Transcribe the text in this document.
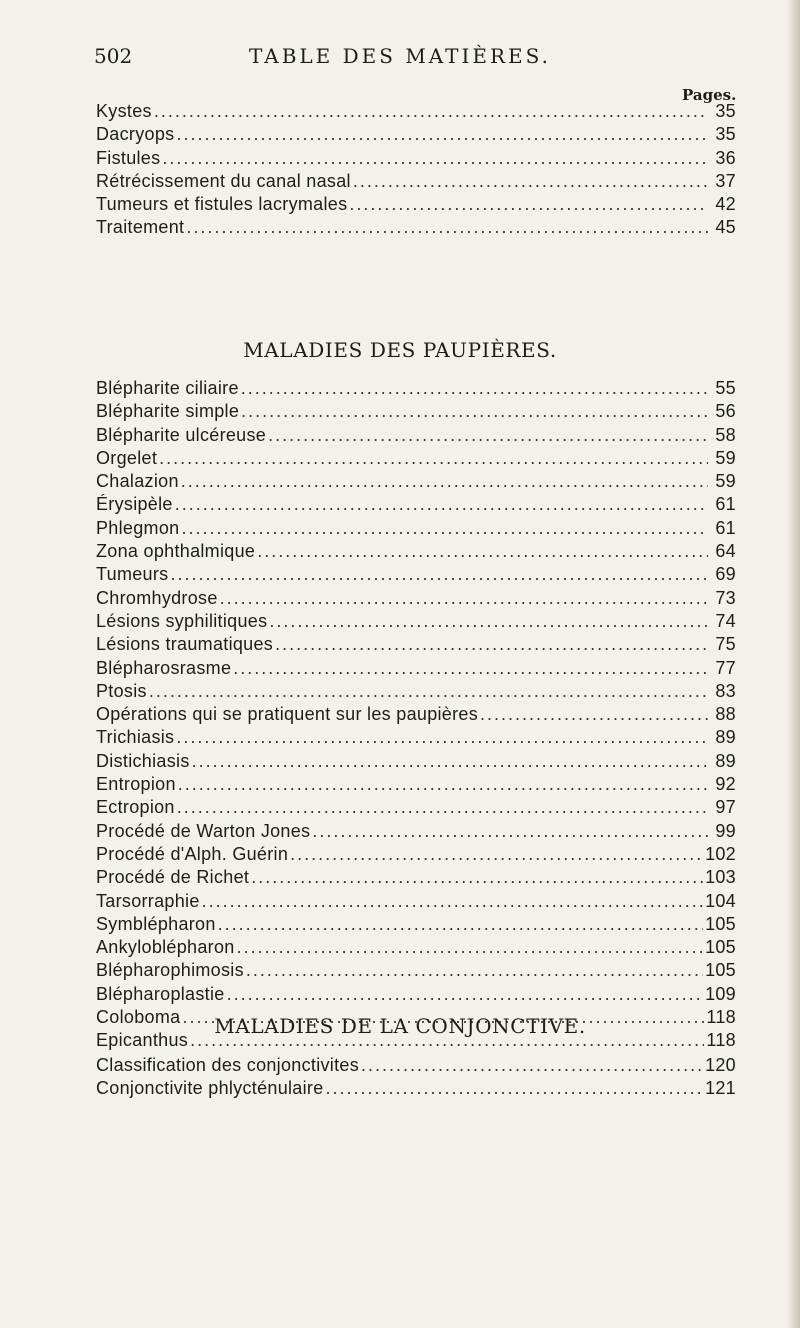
502	TABLE DES MATIÈRES.
Pages.
Kystes .....	35
Dacryops .....	35
Fistules .....	36
Rétrécissement du canal nasal .....	37
Tumeurs et fistules lacrymales .....	42
Traitement .....	45
MALADIES DES PAUPIÈRES.
Blépharite ciliaire .....	55
Blépharite simple .....	56
Blépharite ulcéreuse .....	58
Orgelet .....	59
Chalazion .....	59
Érysipèle .....	61
Phlegmon .....	61
Zona ophthalmique .....	64
Tumeurs .....	69
Chromhydrose .....	73
Lésions syphilitiques .....	74
Lésions traumatiques .....	75
Blépharosrasme .....	77
Ptosis .....	83
Opérations qui se pratiquent sur les paupières .....	88
Trichiasis .....	89
Distichiasis .....	89
Entropion .....	92
Ectropion .....	97
Procédé de Warton Jones .....	99
Procédé d'Alph. Guérin .....	102
Procédé de Richet .....	103
Tarsorraphie .....	104
Symblépharon .....	105
Ankyloblépharon .....	105
Blépharophimosis .....	105
Blépharoplastie .....	109
Coloboma .....	118
Epicanthus .....	118
MALADIES DE LA CONJONCTIVE.
Classification des conjonctivites .....	120
Conjonctivite phlycténulaire .....	121
